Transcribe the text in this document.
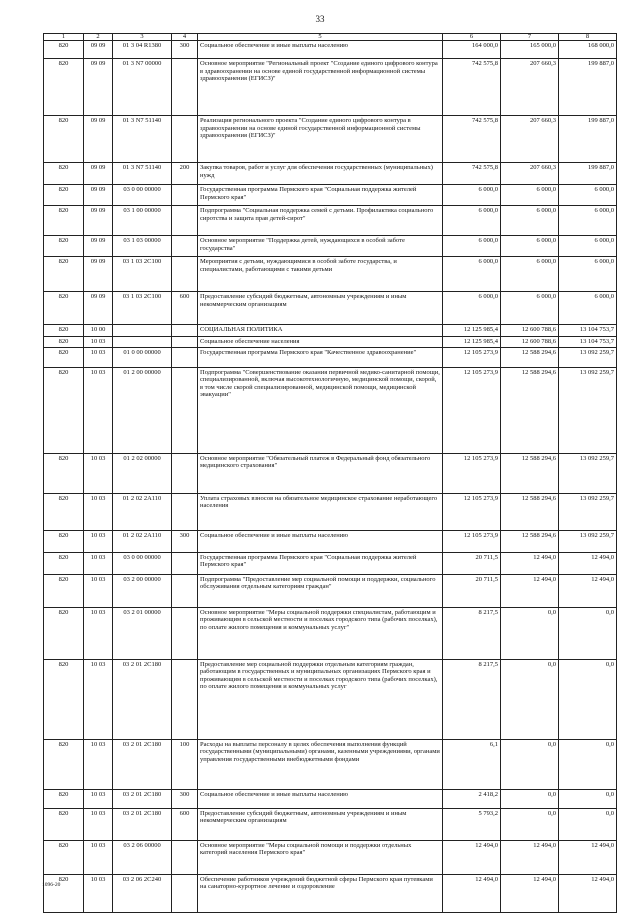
33
1	2	3	4	5	6	7	8
820	09 09	01 3 04 R1380	300	Социальное обеспечение и иные выплаты населению	164 000,0	165 000,0	168 000,0
820	09 09	01 3 N7 00000		Основное мероприятие "Региональный проект "Создание единого цифрового контура в здравоохранении на основе единой государственной информационной системы здравоохранения (ЕГИСЗ)"	742 575,8	207 660,3	199 887,0
820	09 09	01 3 N7 51140		Реализация регионального проекта "Создание единого цифрового контура в здравоохранении на основе единой государственной информационной системы здравоохранения (ЕГИСЗ)"	742 575,8	207 660,3	199 887,0
820	09 09	01 3 N7 51140	200	Закупка товаров, работ и услуг для обеспечения государственных (муниципальных) нужд	742 575,8	207 660,3	199 887,0
820	09 09	03 0 00 00000		Государственная программа Пермского края "Социальная поддержка жителей Пермского края"	6 000,0	6 000,0	6 000,0
820	09 09	03 1 00 00000		Подпрограмма "Социальная поддержка семей с детьми. Профилактика социального сиротства и защита прав детей-сирот"	6 000,0	6 000,0	6 000,0
820	09 09	03 1 03 00000		Основное мероприятие "Поддержка детей, нуждающихся в особой заботе государства"	6 000,0	6 000,0	6 000,0
820	09 09	03 1 03 2С100		Мероприятия с детьми, нуждающимися в особой заботе государства, и специалистами, работающими с такими детьми	6 000,0	6 000,0	6 000,0
820	09 09	03 1 03 2С100	600	Предоставление субсидий бюджетным, автономным учреждениям и иным некоммерческим организациям	6 000,0	6 000,0	6 000,0
820	10 00			СОЦИАЛЬНАЯ ПОЛИТИКА	12 125 985,4	12 600 788,6	13 104 753,7
820	10 03			Социальное обеспечение населения	12 125 985,4	12 600 788,6	13 104 753,7
820	10 03	01 0 00 00000		Государственная программа Пермского края "Качественное здравоохранение"	12 105 273,9	12 588 294,6	13 092 259,7
820	10 03	01 2 00 00000		Подпрограмма "Совершенствование оказания первичной медико-санитарной помощи, специализированной, включая высокотехнологичную, медицинской помощи, скорой, в том числе скорой специализированной, медицинской помощи, медицинской эвакуации"	12 105 273,9	12 588 294,6	13 092 259,7
820	10 03	01 2 02 00000		Основное мероприятие "Обязательный платеж в Федеральный фонд обязательного медицинского страхования"	12 105 273,9	12 588 294,6	13 092 259,7
820	10 03	01 2 02 2А110		Уплата страховых взносов на обязательное медицинское страхование неработающего населения	12 105 273,9	12 588 294,6	13 092 259,7
820	10 03	01 2 02 2А110	300	Социальное обеспечение и иные выплаты населению	12 105 273,9	12 588 294,6	13 092 259,7
820	10 03	03 0 00 00000		Государственная программа Пермского края "Социальная поддержка жителей Пермского края"	20 711,5	12 494,0	12 494,0
820	10 03	03 2 00 00000		Подпрограмма "Предоставление мер социальной помощи и поддержки, социального обслуживания отдельным категориям граждан"	20 711,5	12 494,0	12 494,0
820	10 03	03 2 01 00000		Основное мероприятие "Меры социальной поддержки специалистам, работающим и проживающим в сельской местности и поселках городского типа (рабочих поселках), по оплате жилого помещения и коммунальных услуг"	8 217,5	0,0	0,0
820	10 03	03 2 01 2С180		Предоставление мер социальной поддержки отдельным категориям граждан, работающим в государственных и муниципальных организациях Пермского края и проживающим в сельской местности и поселках городского типа (рабочих поселках), по оплате жилого помещения и коммунальных услуг	8 217,5	0,0	0,0
820	10 03	03 2 01 2С180	100	Расходы на выплаты персоналу в целях обеспечения выполнения функций государственными (муниципальными) органами, казенными учреждениями, органами управления государственными внебюджетными фондами	6,1	0,0	0,0
820	10 03	03 2 01 2С180	300	Социальное обеспечение и иные выплаты населению	2 418,2	0,0	0,0
820	10 03	03 2 01 2С180	600	Предоставление субсидий бюджетным, автономным учреждениям и иным некоммерческим организациям	5 793,2	0,0	0,0
820	10 03	03 2 06 00000		Основное мероприятие "Меры социальной помощи и поддержки отдельных категорий населения Пермского края"	12 494,0	12 494,0	12 494,0
820	10 03	03 2 06 2С240		Обеспечение работников учреждений бюджетной сферы Пермского края путевками на санаторно-курортное лечение и оздоровление	12 494,0	12 494,0	12 494,0
1096-20
